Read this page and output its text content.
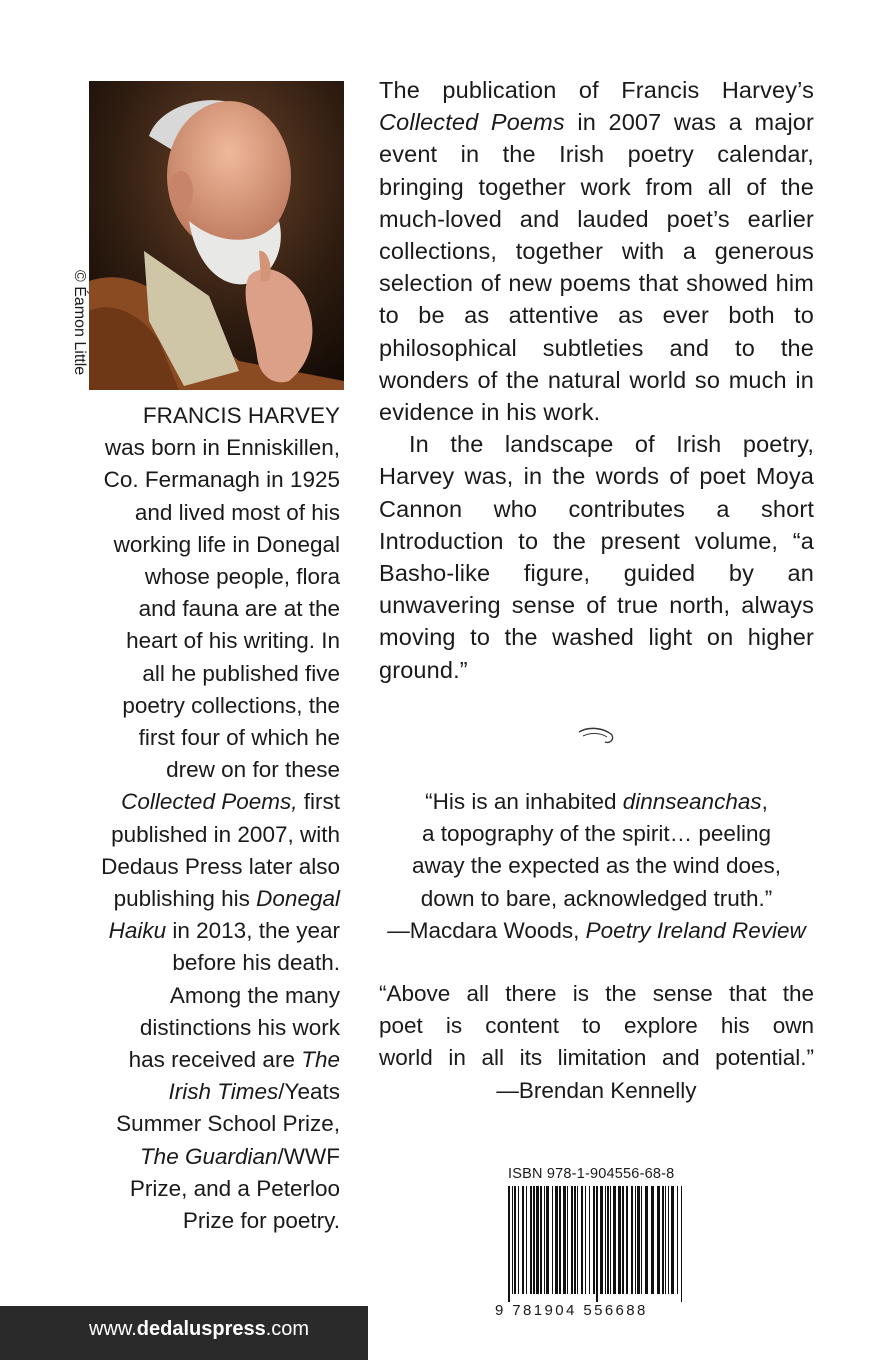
© Éamon Little
FRANCIS HARVEY
was born in Enniskillen,
Co. Fermanagh in 1925
and lived most of his
working life in Donegal
whose people, flora
and fauna are at the
heart of his writing. In
all he published five
poetry collections, the
first four of which he
drew on for these
Collected Poems, first
published in 2007, with
Dedaus Press later also
publishing his Donegal
Haiku in 2013, the year
before his death.
Among the many
distinctions his work
has received are The
Irish Times/Yeats
Summer School Prize,
The Guardian/WWF
Prize, and a Peterloo
Prize for poetry.

The publication of Francis Harvey’s Collected Poems in 2007 was a major event in the Irish poetry calendar, bringing together work from all of the much-loved and lauded poet’s earlier collections, together with a generous selection of new poems that showed him to be as attentive as ever both to philosophical subtleties and to the wonders of the natural world so much in evidence in his work.

In the landscape of Irish poetry, Harvey was, in the words of poet Moya Cannon who contributes a short Introduction to the present volume, “a Basho-like figure, guided by an unwavering sense of true north, always moving to the washed light on higher ground.”

“His is an inhabited dinnseanchas,
a topography of the spirit… peeling
away the expected as the wind does,
down to bare, acknowledged truth.”
—Macdara Woods, Poetry Ireland Review
“Above all there is the sense that the
poet is content to explore his own
world in all its limitation and potential.”
—Brendan Kennelly
ISBN 978-1-904556-68-8
9 781904 556688
www.dedaluspress.com
